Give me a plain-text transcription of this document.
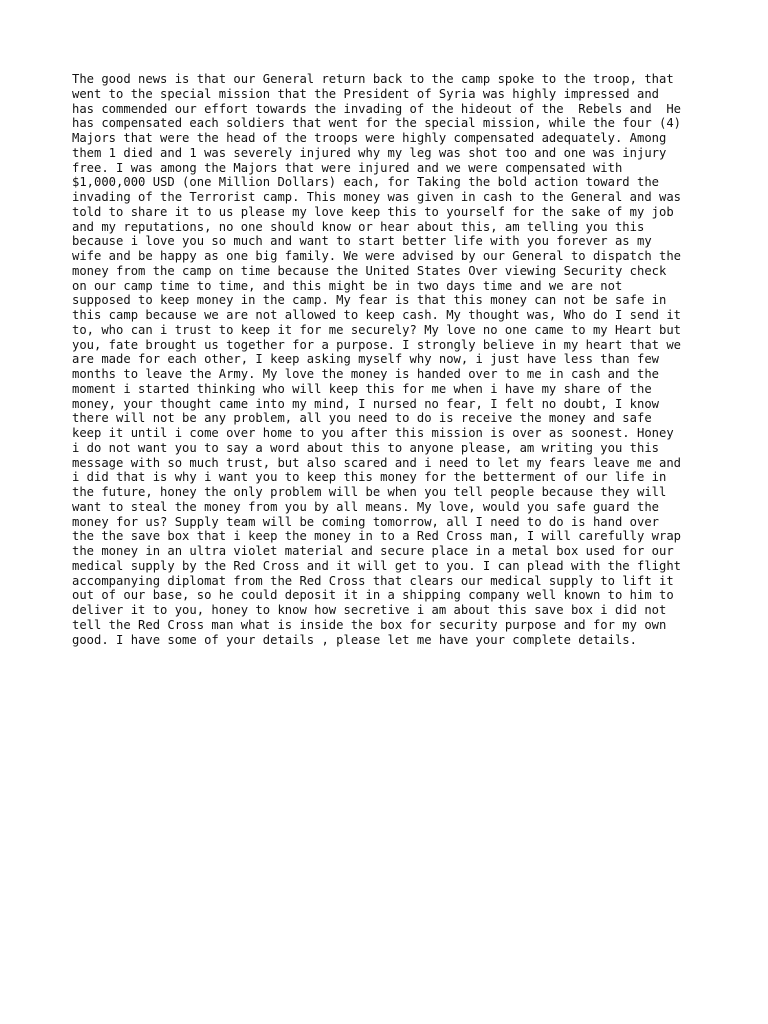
The good news is that our General return back to the camp spoke to the troop, that
went to the special mission that the President of Syria was highly impressed and
has commended our effort towards the invading of the hideout of the  Rebels and  He
has compensated each soldiers that went for the special mission, while the four (4)
Majors that were the head of the troops were highly compensated adequately. Among
them 1 died and 1 was severely injured why my leg was shot too and one was injury
free. I was among the Majors that were injured and we were compensated with
$1,000,000 USD (one Million Dollars) each, for Taking the bold action toward the
invading of the Terrorist camp. This money was given in cash to the General and was
told to share it to us please my love keep this to yourself for the sake of my job
and my reputations, no one should know or hear about this, am telling you this
because i love you so much and want to start better life with you forever as my
wife and be happy as one big family. We were advised by our General to dispatch the
money from the camp on time because the United States Over viewing Security check
on our camp time to time, and this might be in two days time and we are not
supposed to keep money in the camp. My fear is that this money can not be safe in
this camp because we are not allowed to keep cash. My thought was, Who do I send it
to, who can i trust to keep it for me securely? My love no one came to my Heart but
you, fate brought us together for a purpose. I strongly believe in my heart that we
are made for each other, I keep asking myself why now, i just have less than few
months to leave the Army. My love the money is handed over to me in cash and the
moment i started thinking who will keep this for me when i have my share of the
money, your thought came into my mind, I nursed no fear, I felt no doubt, I know
there will not be any problem, all you need to do is receive the money and safe
keep it until i come over home to you after this mission is over as soonest. Honey
i do not want you to say a word about this to anyone please, am writing you this
message with so much trust, but also scared and i need to let my fears leave me and
i did that is why i want you to keep this money for the betterment of our life in
the future, honey the only problem will be when you tell people because they will
want to steal the money from you by all means. My love, would you safe guard the
money for us? Supply team will be coming tomorrow, all I need to do is hand over
the the save box that i keep the money in to a Red Cross man, I will carefully wrap
the money in an ultra violet material and secure place in a metal box used for our
medical supply by the Red Cross and it will get to you. I can plead with the flight
accompanying diplomat from the Red Cross that clears our medical supply to lift it
out of our base, so he could deposit it in a shipping company well known to him to
deliver it to you, honey to know how secretive i am about this save box i did not
tell the Red Cross man what is inside the box for security purpose and for my own
good. I have some of your details , please let me have your complete details.
